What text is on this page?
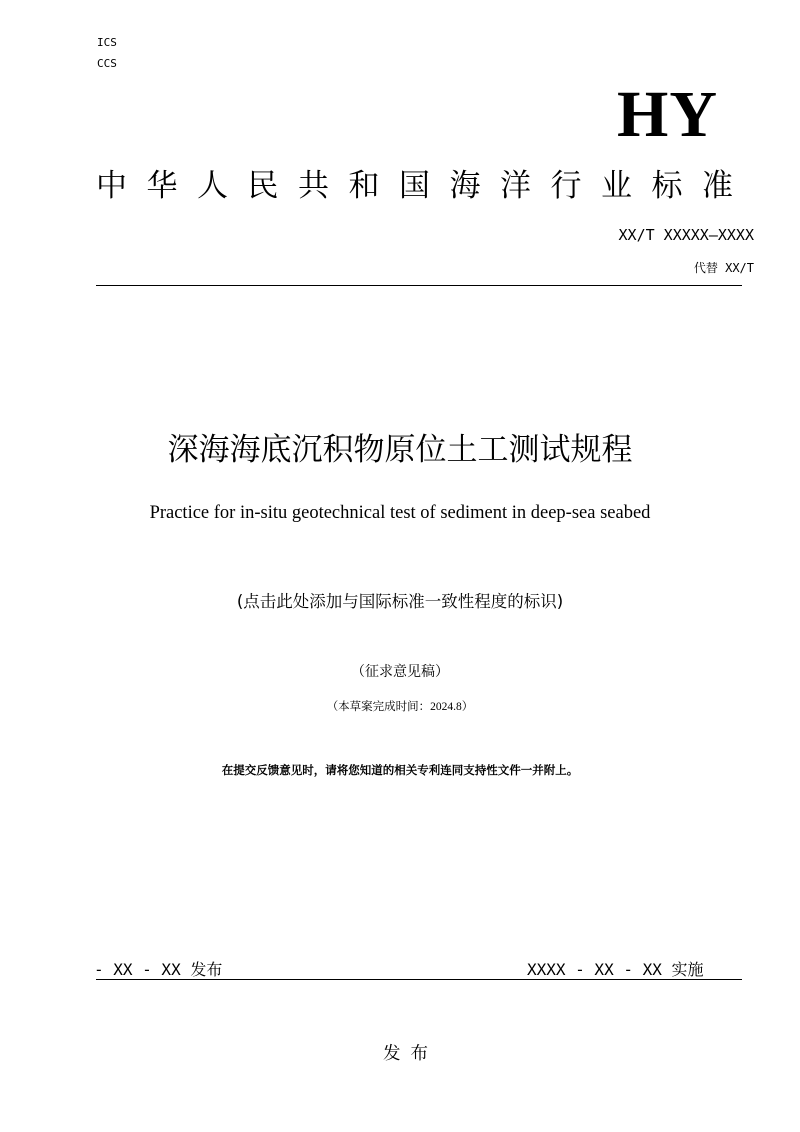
ICS
CCS
HY
中华人民共和国海洋行业标准
XX/T XXXXX—XXXX
代替 XX/T
深海海底沉积物原位土工测试规程
Practice for in-situ geotechnical test of sediment in deep-sea seabed
(点击此处添加与国际标准一致性程度的标识)
（征求意见稿）
（本草案完成时间：2024.8）
在提交反馈意见时，请将您知道的相关专利连同支持性文件一并附上。
- XX - XX 发布	XXXX - XX - XX 实施
发布
